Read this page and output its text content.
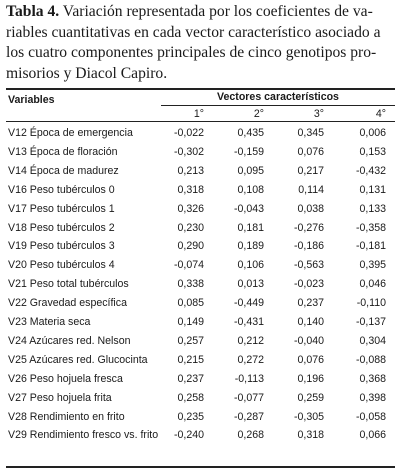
Tabla 4. Variación representada por los coeficientes de va-
riables cuantitativas en cada vector característico asociado a
los cuatro componentes principales de cinco genotipos pro-
misorios y Diacol Capiro.
Variables	Vectores característicos
1°	2°	3°	4°
V12 Época de emergencia	-0,022	0,435	0,345	0,006
V13 Época de floración	-0,302	-0,159	0,076	0,153
V14 Época de madurez	0,213	0,095	0,217	-0,432
V16 Peso tubérculos 0	0,318	0,108	0,114	0,131
V17 Peso tubérculos 1	0,326	-0,043	0,038	0,133
V18 Peso tubérculos 2	0,230	0,181	-0,276	-0,358
V19 Peso tubérculos 3	0,290	0,189	-0,186	-0,181
V20 Peso tubérculos 4	-0,074	0,106	-0,563	0,395
V21 Peso total tubérculos	0,338	0,013	-0,023	0,046
V22 Gravedad específica	0,085	-0,449	0,237	-0,110
V23 Materia seca	0,149	-0,431	0,140	-0,137
V24 Azúcares red. Nelson	0,257	0,212	-0,040	0,304
V25 Azúcares red. Glucocinta	0,215	0,272	0,076	-0,088
V26 Peso hojuela fresca	0,237	-0,113	0,196	0,368
V27 Peso hojuela frita	0,258	-0,077	0,259	0,398
V28 Rendimiento en frito	0,235	-0,287	-0,305	-0,058
V29 Rendimiento fresco vs. frito	-0,240	0,268	0,318	0,066
